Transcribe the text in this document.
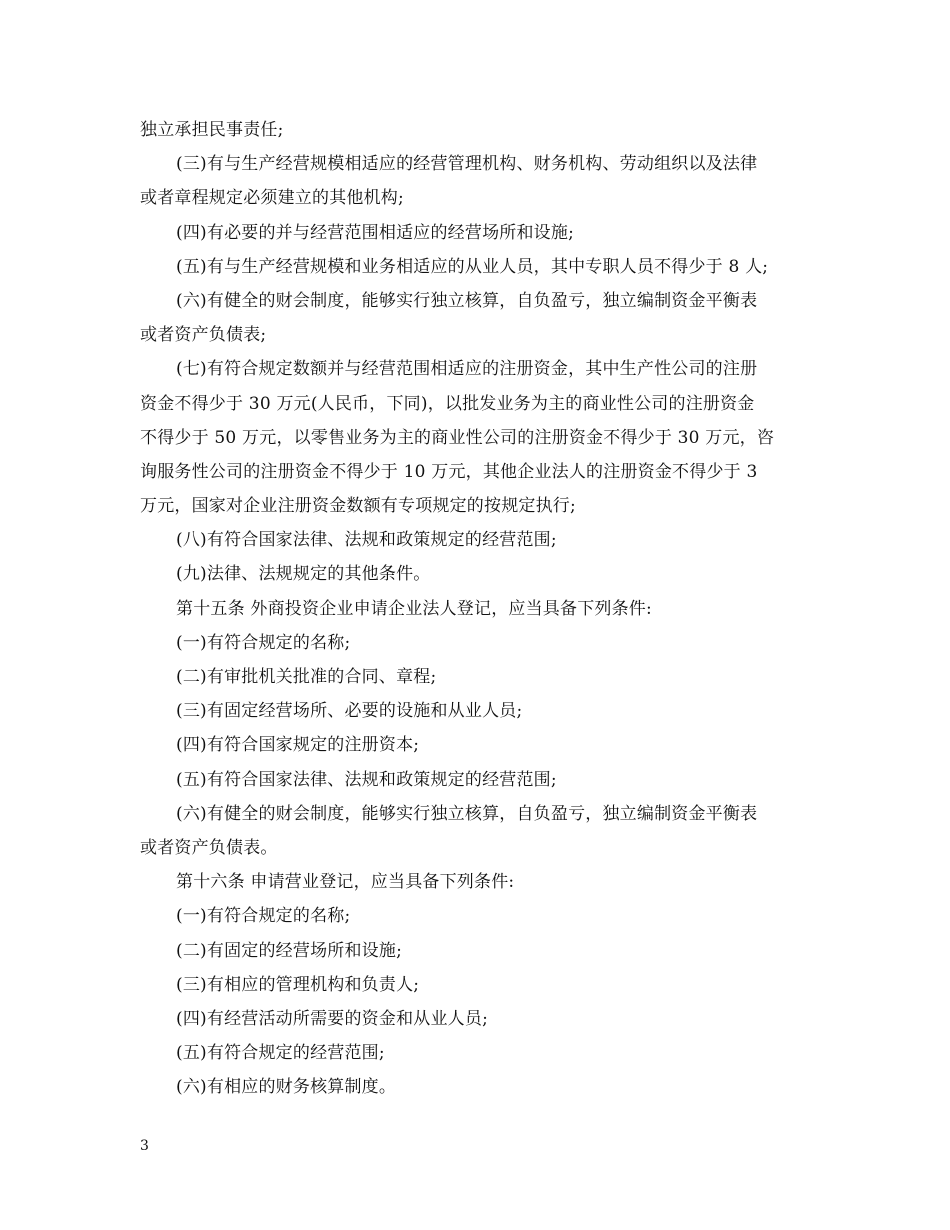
独立承担民事责任;
(三)有与生产经营规模相适应的经营管理机构、财务机构、劳动组织以及法律
或者章程规定必须建立的其他机构;
(四)有必要的并与经营范围相适应的经营场所和设施;
(五)有与生产经营规模和业务相适应的从业人员，其中专职人员不得少于 8 人;
(六)有健全的财会制度，能够实行独立核算，自负盈亏，独立编制资金平衡表
或者资产负债表;
(七)有符合规定数额并与经营范围相适应的注册资金，其中生产性公司的注册
资金不得少于 30 万元(人民币，下同)，以批发业务为主的商业性公司的注册资金
不得少于 50 万元，以零售业务为主的商业性公司的注册资金不得少于 30 万元，咨
询服务性公司的注册资金不得少于 10 万元，其他企业法人的注册资金不得少于 3
万元，国家对企业注册资金数额有专项规定的按规定执行;
(八)有符合国家法律、法规和政策规定的经营范围;
(九)法律、法规规定的其他条件。
第十五条 外商投资企业申请企业法人登记，应当具备下列条件:
(一)有符合规定的名称;
(二)有审批机关批准的合同、章程;
(三)有固定经营场所、必要的设施和从业人员;
(四)有符合国家规定的注册资本;
(五)有符合国家法律、法规和政策规定的经营范围;
(六)有健全的财会制度，能够实行独立核算，自负盈亏，独立编制资金平衡表
或者资产负债表。
第十六条 申请营业登记，应当具备下列条件:
(一)有符合规定的名称;
(二)有固定的经营场所和设施;
(三)有相应的管理机构和负责人;
(四)有经营活动所需要的资金和从业人员;
(五)有符合规定的经营范围;
(六)有相应的财务核算制度。
3
